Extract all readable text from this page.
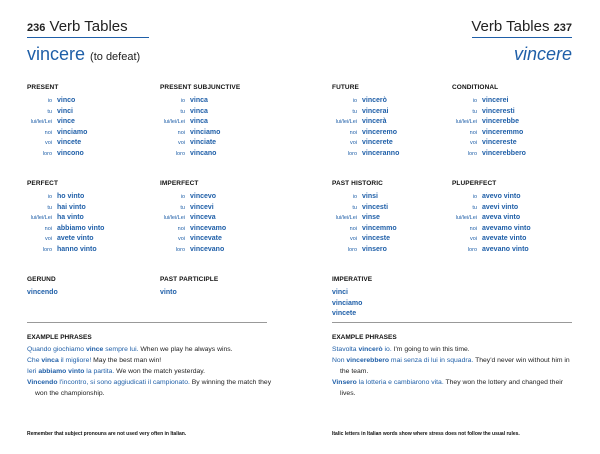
236 Verb Tables
vincere (to defeat)
PRESENT
io vinco
tu vinci
lui/lei/Lei vince
noi vinciamo
voi vincete
loro vincono
PRESENT SUBJUNCTIVE
io vinca
tu vinca
lui/lei/Lei vinca
noi vinciamo
voi vinciate
loro vincano
PERFECT
io ho vinto
tu hai vinto
lui/lei/Lei ha vinto
noi abbiamo vinto
voi avete vinto
loro hanno vinto
IMPERFECT
io vincevo
tu vincevi
lui/lei/Lei vinceva
noi vincevamo
voi vincevate
loro vincevano
GERUND
vincendo
PAST PARTICIPLE
vinto
EXAMPLE PHRASES
Quando giochiamo vince sempre lui. When we play he always wins.
Che vinca il migliore! May the best man win!
Ieri abbiamo vinto la partita. We won the match yesterday.
Vincendo l'incontro, si sono aggiudicati il campionato. By winning the match they won the championship.
Remember that subject pronouns are not used very often in Italian.
Verb Tables 237
vincere
FUTURE
io vincerò
tu vincerai
lui/lei/Lei vincerà
noi vinceremo
voi vincerete
loro vinceranno
CONDITIONAL
io vincerei
tu vinceresti
lui/lei/Lei vincerebbe
noi vinceremmo
voi vincereste
loro vincerebbero
PAST HISTORIC
io vinsi
tu vincesti
lui/lei/Lei vinse
noi vincemmo
voi vinceste
loro vinsero
PLUPERFECT
io avevo vinto
tu avevi vinto
lui/lei/Lei aveva vinto
noi avevamo vinto
voi avevate vinto
loro avevano vinto
IMPERATIVE
vinci
vinciamo
vincete
EXAMPLE PHRASES
Stavolta vincerò io. I'm going to win this time.
Non vincerebbero mai senza di lui in squadra. They'd never win without him in the team.
Vinsero la lotteria e cambiarono vita. They won the lottery and changed their lives.
Italic letters in Italian words show where stress does not follow the usual rules.
